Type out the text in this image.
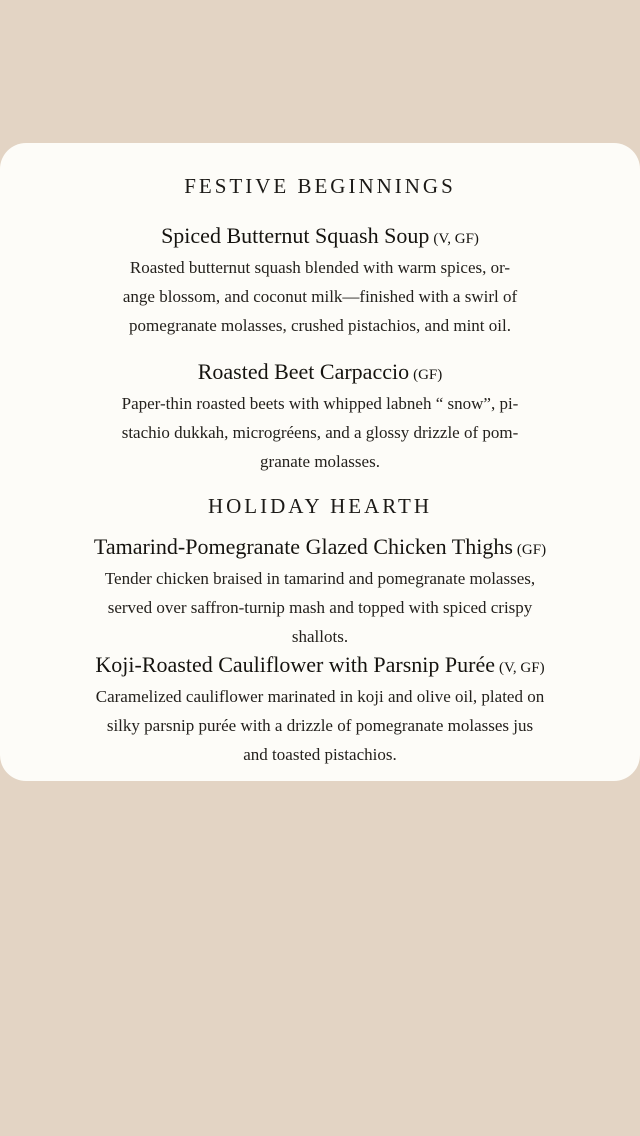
FESTIVE BEGINNINGS
Spiced Butternut Squash Soup (V, GF)
Roasted butternut squash blended with warm spices, or-
ange blossom, and coconut milk—finished with a swirl of
pomegranate molasses, crushed pistachios, and mint oil.
Roasted Beet Carpaccio (GF)
Paper-thin roasted beets with whipped labneh “ snow”, pi-
stachio dukkah, microgréens, and a glossy drizzle of pom-
granate molasses.
HOLIDAY HEARTH
Tamarind-Pomegranate Glazed Chicken Thighs (GF)
Tender chicken braised in tamarind and pomegranate molasses,
served over saffron-turnip mash and topped with spiced crispy
shallots.
Koji-Roasted Cauliflower with Parsnip Purée (V, GF)
Caramelized cauliflower marinated in koji and olive oil, plated on
silky parsnip purée with a drizzle of pomegranate molasses jus
and toasted pistachios.
